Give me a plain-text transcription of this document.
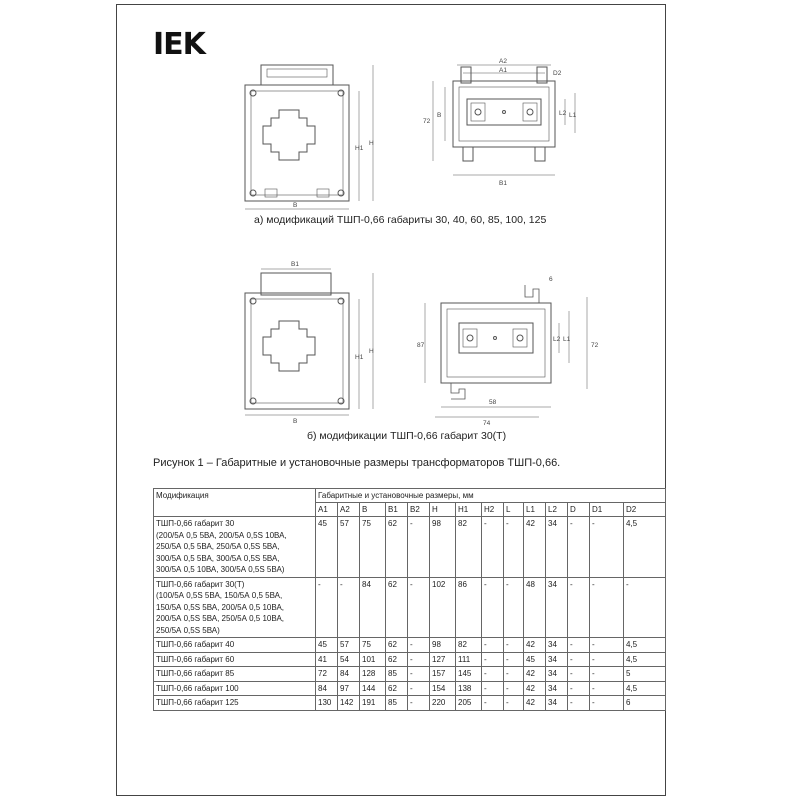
IEK
B
H1
H
A2
A1	D2
72
B	L2 L1
B1
а) модификаций ТШП-0,66 габариты 30, 40, 60, 85, 100, 125
B1
B
H1
H
6
87
L2 L1
72
58
74
б) модификации ТШП-0,66 габарит 30(Т)
Рисунок 1 – Габаритные и установочные размеры трансформаторов ТШП-0,66.
Модификация	Габаритные и установочные размеры, мм													
	A1	A2	B	B1	B2	H	H1	H2	L	L1	L2	D	D1	D2

ТШП-0,66 габарит 30
(200/5А 0,5 5ВА, 200/5А 0,5S 10ВА,
250/5А 0,5 5ВА, 250/5А 0,5S 5ВА,
300/5А 0,5 5ВА, 300/5А 0,5S 5ВА,
300/5А 0,5 10ВА, 300/5А 0,5S 5ВА)	45	57	75	62	-	98	82	-	-	42	34	-	-	4,5

ТШП-0,66 габарит 30(Т)
(100/5А 0,5S 5ВА, 150/5А 0,5 5ВА,
150/5А 0,5S 5ВА, 200/5А 0,5 10ВА,
200/5А 0,5S 5ВА, 250/5А 0,5 10ВА,
250/5А 0,5S 5ВА)	-	-	84	62	-	102	86	-	-	48	34	-	-	-
ТШП-0,66 габарит 40	45	57	75	62	-	98	82	-	-	42	34	-	-	4,5
ТШП-0,66 габарит 60	41	54	101	62	-	127	111	-	-	45	34	-	-	4,5
ТШП-0,66 габарит 85	72	84	128	85	-	157	145	-	-	42	34	-	-	5
ТШП-0,66 габарит 100	84	97	144	62	-	154	138	-	-	42	34	-	-	4,5
ТШП-0,66 габарит 125	130	142	191	85	-	220	205	-	-	42	34	-	-	6
